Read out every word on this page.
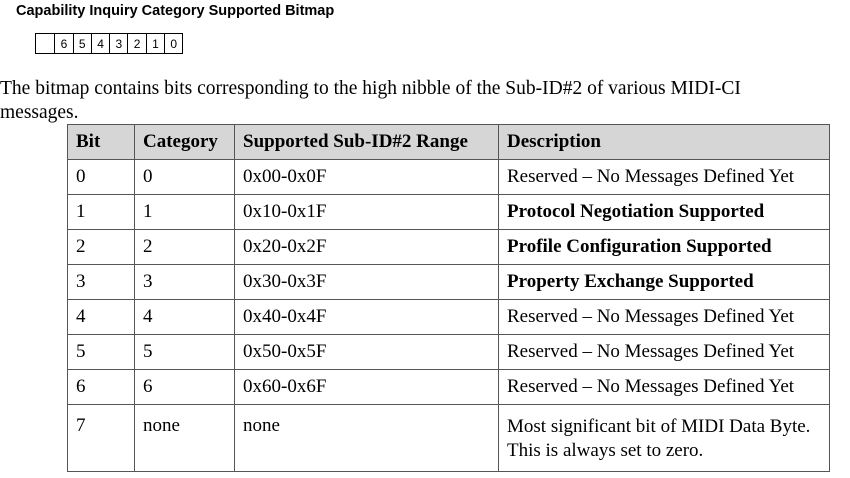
Capability Inquiry Category Supported Bitmap
6 5 4 3 2 1 0
The bitmap contains bits corresponding to the high nibble of the Sub-ID#2 of various MIDI-CI messages.
Bit	Category	Supported Sub-ID#2 Range	Description
0	0	0x00-0x0F	Reserved – No Messages Defined Yet
1	1	0x10-0x1F	Protocol Negotiation Supported
2	2	0x20-0x2F	Profile Configuration Supported
3	3	0x30-0x3F	Property Exchange Supported
4	4	0x40-0x4F	Reserved – No Messages Defined Yet
5	5	0x50-0x5F	Reserved – No Messages Defined Yet
6	6	0x60-0x6F	Reserved – No Messages Defined Yet
7	none	none	Most significant bit of MIDI Data Byte. This is always set to zero.
